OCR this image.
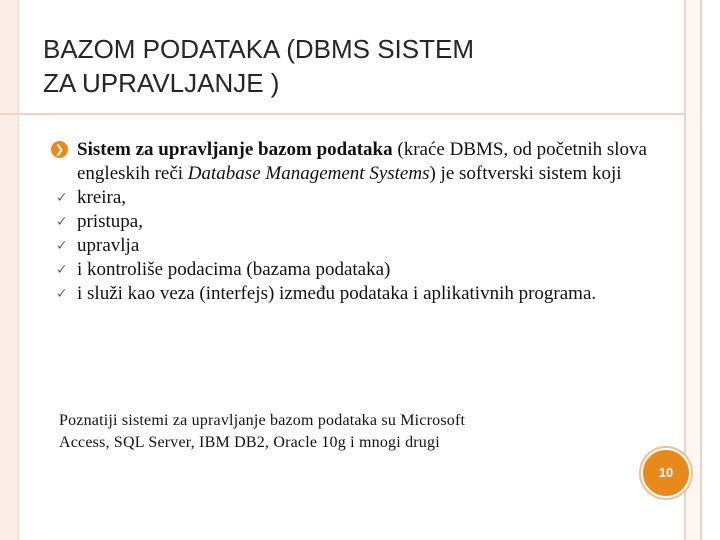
BAZOM PODATAKA (DBMS SISTEM
ZA UPRAVLJANJE )
❯ Sistem za upravljanje bazom podataka (kraće DBMS, od početnih slova engleskih reči Database Management Systems) je softverski sistem koji
✓ kreira,
✓ pristupa,
✓ upravlja
✓ i kontroliše podacima (bazama podataka)
✓ i služi kao veza (interfejs) između podataka i aplikativnih programa.
Poznatiji sistemi za upravljanje bazom podataka su Microsoft Access, SQL Server, IBM DB2, Oracle 10g i mnogi drugi
10
